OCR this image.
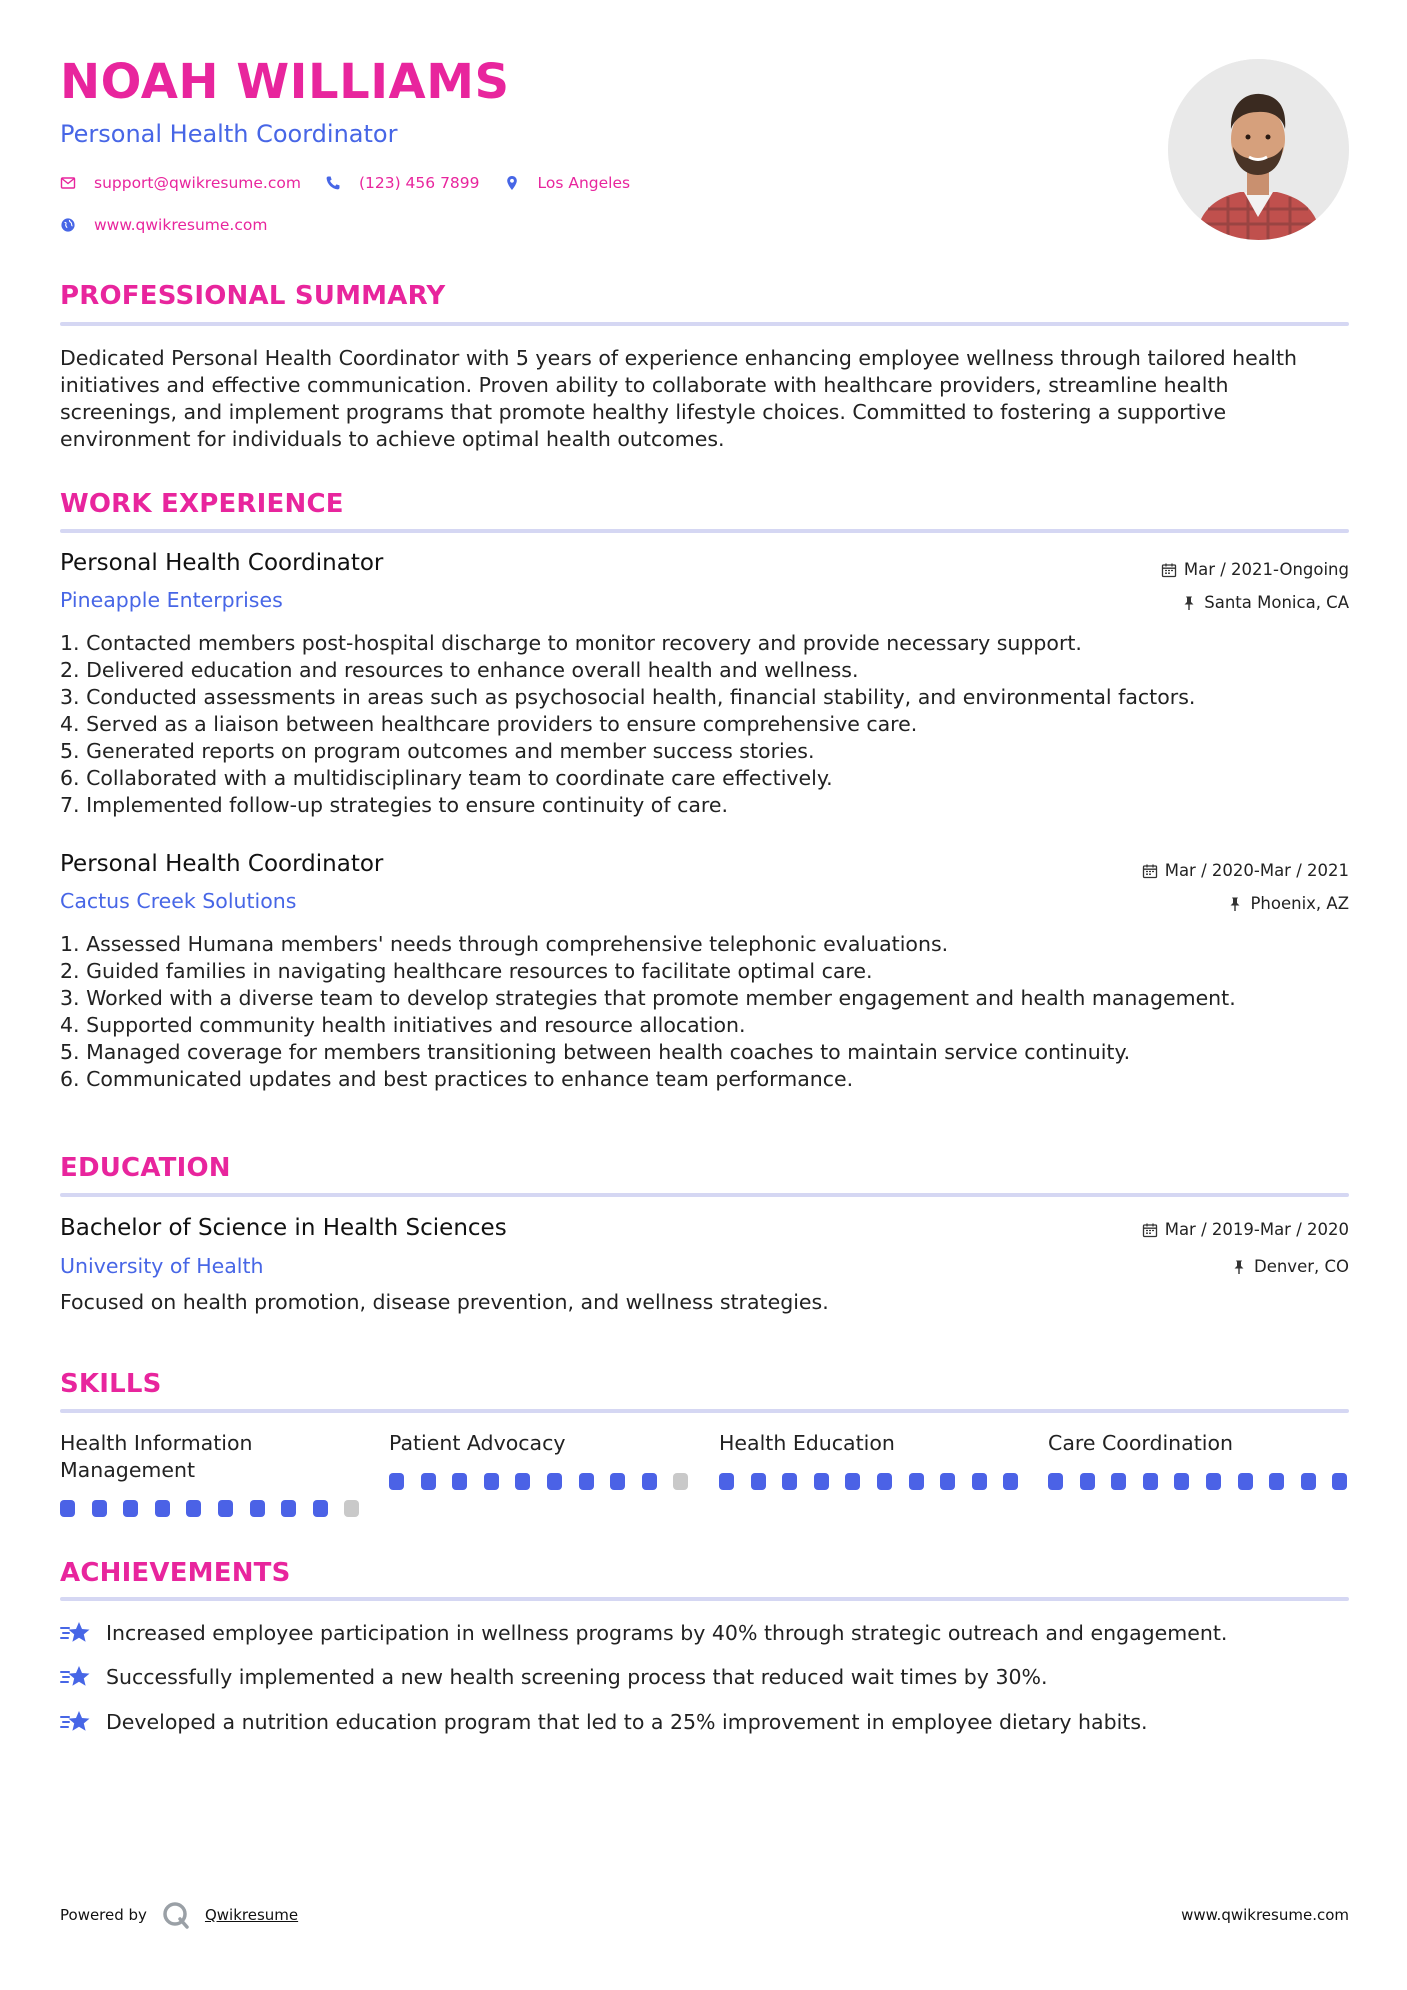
NOAH WILLIAMS
Personal Health Coordinator
support@qwikresume.com	(123) 456 7899	Los Angeles
www.qwikresume.com
PROFESSIONAL SUMMARY
Dedicated Personal Health Coordinator with 5 years of experience enhancing employee wellness through tailored health initiatives and effective communication. Proven ability to collaborate with healthcare providers, streamline health screenings, and implement programs that promote healthy lifestyle choices. Committed to fostering a supportive environment for individuals to achieve optimal health outcomes.
WORK EXPERIENCE
Personal Health Coordinator	Mar / 2021-Ongoing
Pineapple Enterprises	Santa Monica, CA
1. Contacted members post-hospital discharge to monitor recovery and provide necessary support.
2. Delivered education and resources to enhance overall health and wellness.
3. Conducted assessments in areas such as psychosocial health, financial stability, and environmental factors.
4. Served as a liaison between healthcare providers to ensure comprehensive care.
5. Generated reports on program outcomes and member success stories.
6. Collaborated with a multidisciplinary team to coordinate care effectively.
7. Implemented follow-up strategies to ensure continuity of care.
Personal Health Coordinator	Mar / 2020-Mar / 2021
Cactus Creek Solutions	Phoenix, AZ
1. Assessed Humana members' needs through comprehensive telephonic evaluations.
2. Guided families in navigating healthcare resources to facilitate optimal care.
3. Worked with a diverse team to develop strategies that promote member engagement and health management.
4. Supported community health initiatives and resource allocation.
5. Managed coverage for members transitioning between health coaches to maintain service continuity.
6. Communicated updates and best practices to enhance team performance.
EDUCATION
Bachelor of Science in Health Sciences	Mar / 2019-Mar / 2020
University of Health	Denver, CO
Focused on health promotion, disease prevention, and wellness strategies.
SKILLS
Health Information Management
Patient Advocacy	Health Education	Care Coordination
ACHIEVEMENTS
Increased employee participation in wellness programs by 40% through strategic outreach and engagement.
Successfully implemented a new health screening process that reduced wait times by 30%.
Developed a nutrition education program that led to a 25% improvement in employee dietary habits.
Powered by	Qwikresume	www.qwikresume.com
